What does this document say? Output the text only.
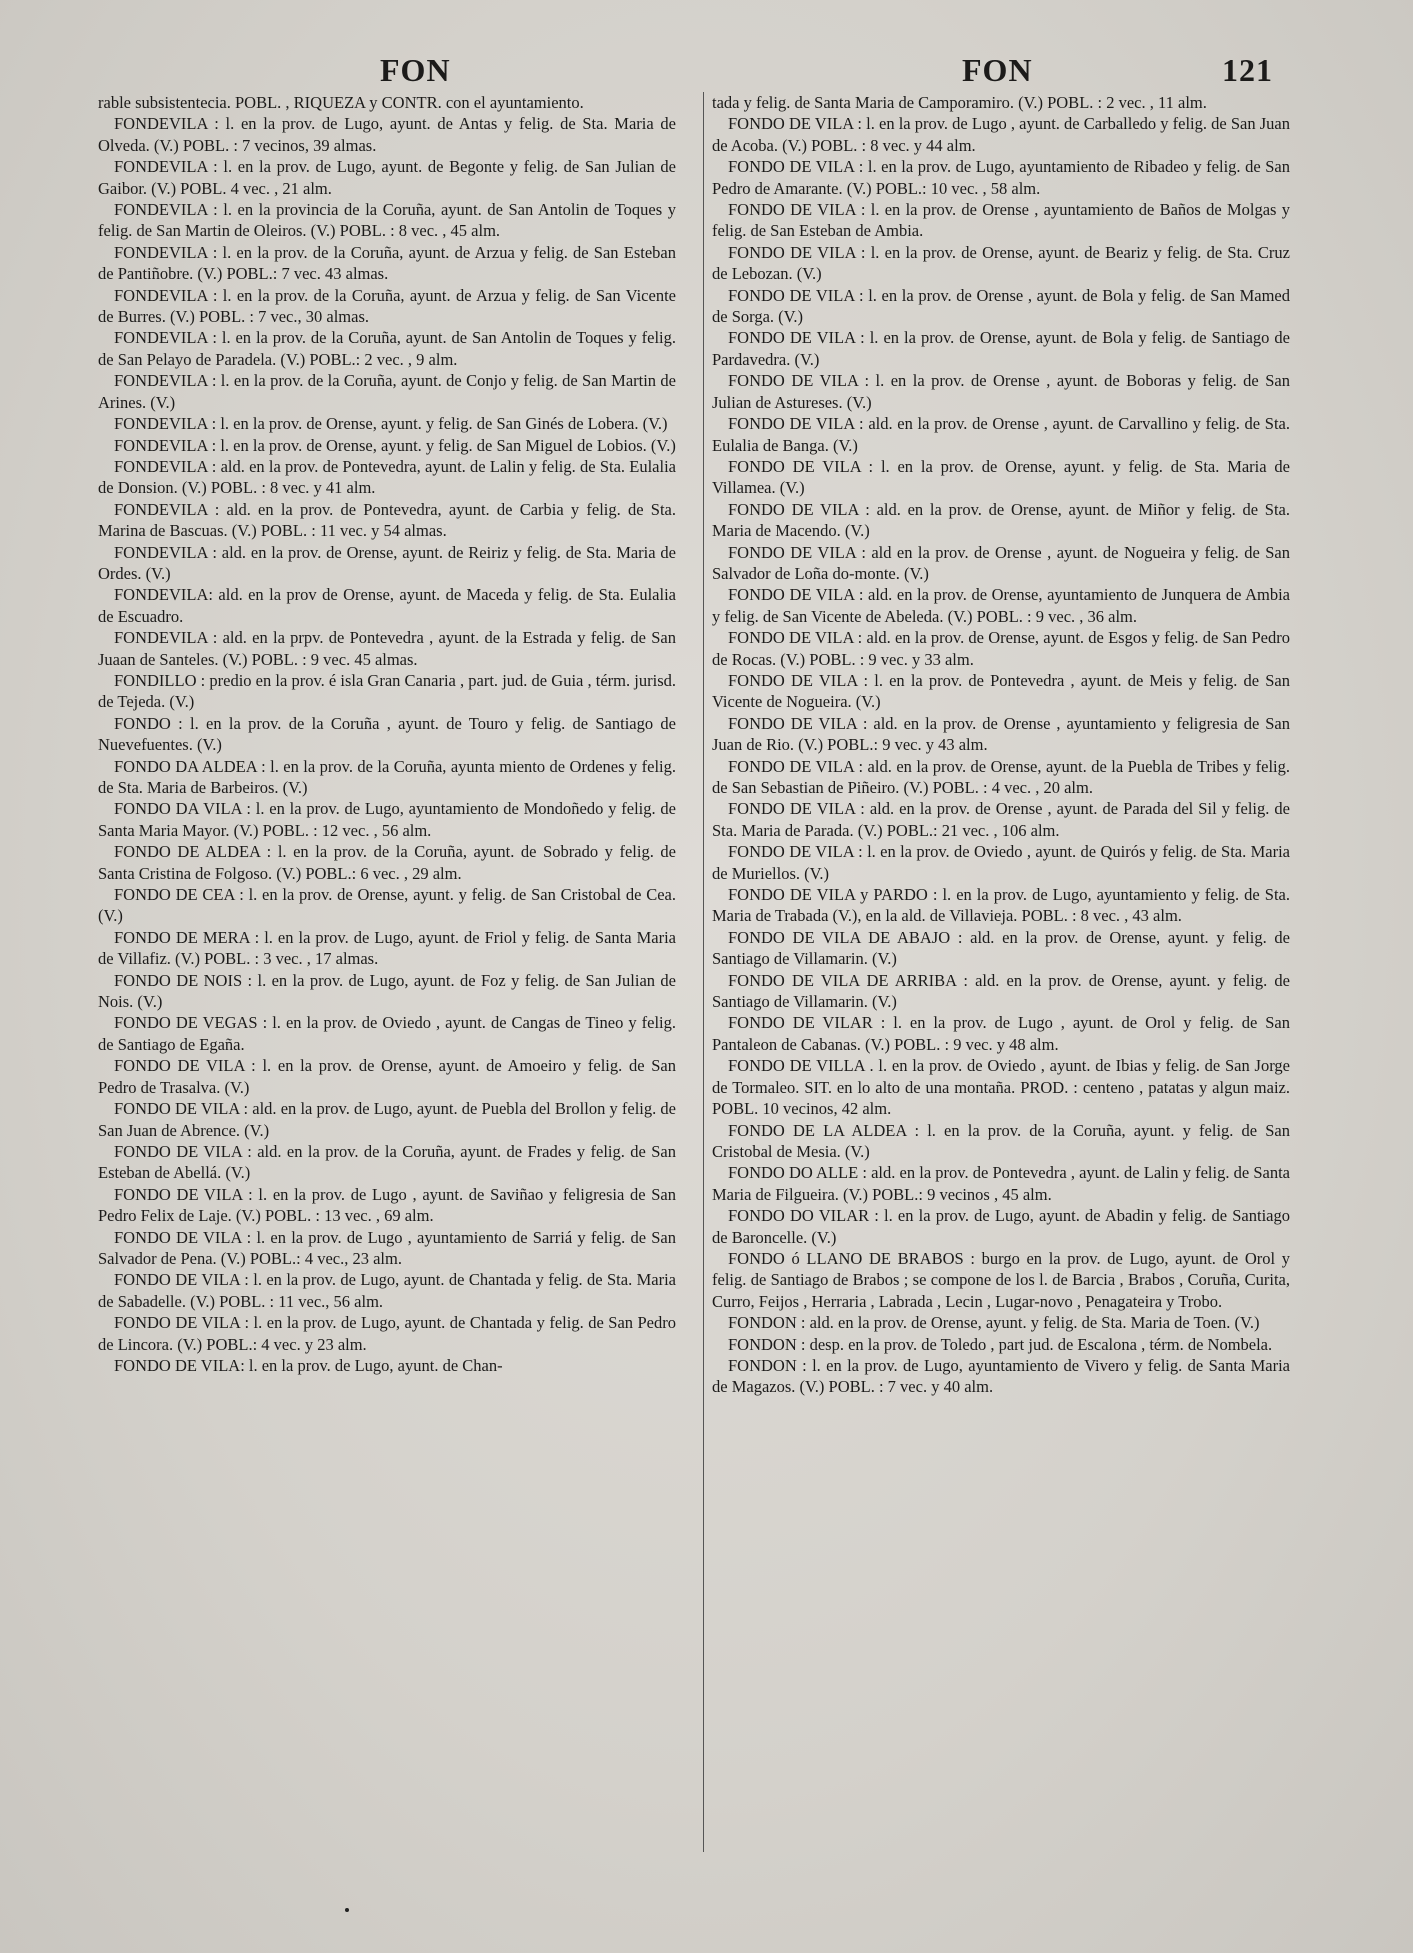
FON	FON	121

rable subsistentecia. POBL. , RIQUEZA y CONTR. con el ayuntamiento.

FONDEVILA : l. en la prov. de Lugo, ayunt. de Antas y felig. de Sta. Maria de Olveda. (V.) POBL. : 7 vecinos, 39 almas.

FONDEVILA : l. en la prov. de Lugo, ayunt. de Begonte y felig. de San Julian de Gaibor. (V.) POBL. 4 vec. , 21 alm.

FONDEVILA : l. en la provincia de la Coruña, ayunt. de San Antolin de Toques y felig. de San Martin de Oleiros. (V.) POBL. : 8 vec. , 45 alm.

FONDEVILA : l. en la prov. de la Coruña, ayunt. de Arzua y felig. de San Esteban de Pantiñobre. (V.) POBL.: 7 vec. 43 almas.

FONDEVILA : l. en la prov. de la Coruña, ayunt. de Arzua y felig. de San Vicente de Burres. (V.) POBL. : 7 vec., 30 almas.

FONDEVILA : l. en la prov. de la Coruña, ayunt. de San Antolin de Toques y felig. de San Pelayo de Paradela. (V.) POBL.: 2 vec. , 9 alm.

FONDEVILA : l. en la prov. de la Coruña, ayunt. de Conjo y felig. de San Martin de Arines. (V.)

FONDEVILA : l. en la prov. de Orense, ayunt. y felig. de San Ginés de Lobera. (V.)

FONDEVILA : l. en la prov. de Orense, ayunt. y felig. de San Miguel de Lobios. (V.)

FONDEVILA : ald. en la prov. de Pontevedra, ayunt. de Lalin y felig. de Sta. Eulalia de Donsion. (V.) POBL. : 8 vec. y 41 alm.

FONDEVILA : ald. en la prov. de Pontevedra, ayunt. de Carbia y felig. de Sta. Marina de Bascuas. (V.) POBL. : 11 vec. y 54 almas.

FONDEVILA : ald. en la prov. de Orense, ayunt. de Reiriz y felig. de Sta. Maria de Ordes. (V.)

FONDEVILA: ald. en la prov de Orense, ayunt. de Maceda y felig. de Sta. Eulalia de Escuadro.

FONDEVILA : ald. en la prpv. de Pontevedra , ayunt. de la Estrada y felig. de San Juaan de Santeles. (V.) POBL. : 9 vec. 45 almas.

FONDILLO : predio en la prov. é isla Gran Canaria , part. jud. de Guia , térm. jurisd. de Tejeda. (V.)

FONDO : l. en la prov. de la Coruña , ayunt. de Touro y felig. de Santiago de Nuevefuentes. (V.)

FONDO DA ALDEA : l. en la prov. de la Coruña, ayunta miento de Ordenes y felig. de Sta. Maria de Barbeiros. (V.)

FONDO DA VILA : l. en la prov. de Lugo, ayuntamiento de Mondoñedo y felig. de Santa Maria Mayor. (V.) POBL. : 12 vec. , 56 alm.

FONDO DE ALDEA : l. en la prov. de la Coruña, ayunt. de Sobrado y felig. de Santa Cristina de Folgoso. (V.) POBL.: 6 vec. , 29 alm.

FONDO DE CEA : l. en la prov. de Orense, ayunt. y felig. de San Cristobal de Cea. (V.)

FONDO DE MERA : l. en la prov. de Lugo, ayunt. de Friol y felig. de Santa Maria de Villafiz. (V.) POBL. : 3 vec. , 17 almas.

FONDO DE NOIS : l. en la prov. de Lugo, ayunt. de Foz y felig. de San Julian de Nois. (V.)

FONDO DE VEGAS : l. en la prov. de Oviedo , ayunt. de Cangas de Tineo y felig. de Santiago de Egaña.

FONDO DE VILA : l. en la prov. de Orense, ayunt. de Amoeiro y felig. de San Pedro de Trasalva. (V.)

FONDO DE VILA : ald. en la prov. de Lugo, ayunt. de Puebla del Brollon y felig. de San Juan de Abrence. (V.)

FONDO DE VILA : ald. en la prov. de la Coruña, ayunt. de Frades y felig. de San Esteban de Abellá. (V.)

FONDO DE VILA : l. en la prov. de Lugo , ayunt. de Saviñao y feligresia de San Pedro Felix de Laje. (V.) POBL. : 13 vec. , 69 alm.

FONDO DE VILA : l. en la prov. de Lugo , ayuntamiento de Sarriá y felig. de San Salvador de Pena. (V.) POBL.: 4 vec., 23 alm.

FONDO DE VILA : l. en la prov. de Lugo, ayunt. de Chantada y felig. de Sta. Maria de Sabadelle. (V.) POBL. : 11 vec., 56 alm.

FONDO DE VILA : l. en la prov. de Lugo, ayunt. de Chantada y felig. de San Pedro de Lincora. (V.) POBL.: 4 vec. y 23 alm.

FONDO DE VILA: l. en la prov. de Lugo, ayunt. de Chan-

tada y felig. de Santa Maria de Camporamiro. (V.) POBL. : 2 vec. , 11 alm.

FONDO DE VILA : l. en la prov. de Lugo , ayunt. de Carballedo y felig. de San Juan de Acoba. (V.) POBL. : 8 vec. y 44 alm.

FONDO DE VILA : l. en la prov. de Lugo, ayuntamiento de Ribadeo y felig. de San Pedro de Amarante. (V.) POBL.: 10 vec. , 58 alm.

FONDO DE VILA : l. en la prov. de Orense , ayuntamiento de Baños de Molgas y felig. de San Esteban de Ambia.

FONDO DE VILA : l. en la prov. de Orense, ayunt. de Beariz y felig. de Sta. Cruz de Lebozan. (V.)

FONDO DE VILA : l. en la prov. de Orense , ayunt. de Bola y felig. de San Mamed de Sorga. (V.)

FONDO DE VILA : l. en la prov. de Orense, ayunt. de Bola y felig. de Santiago de Pardavedra. (V.)

FONDO DE VILA : l. en la prov. de Orense , ayunt. de Boboras y felig. de San Julian de Astureses. (V.)

FONDO DE VILA : ald. en la prov. de Orense , ayunt. de Carvallino y felig. de Sta. Eulalia de Banga. (V.)

FONDO DE VILA : l. en la prov. de Orense, ayunt. y felig. de Sta. Maria de Villamea. (V.)

FONDO DE VILA : ald. en la prov. de Orense, ayunt. de Miñor y felig. de Sta. Maria de Macendo. (V.)

FONDO DE VILA : ald en la prov. de Orense , ayunt. de Nogueira y felig. de San Salvador de Loña do-monte. (V.)

FONDO DE VILA : ald. en la prov. de Orense, ayuntamiento de Junquera de Ambia y felig. de San Vicente de Abeleda. (V.) POBL. : 9 vec. , 36 alm.

FONDO DE VILA : ald. en la prov. de Orense, ayunt. de Esgos y felig. de San Pedro de Rocas. (V.) POBL. : 9 vec. y 33 alm.

FONDO DE VILA : l. en la prov. de Pontevedra , ayunt. de Meis y felig. de San Vicente de Nogueira. (V.)

FONDO DE VILA : ald. en la prov. de Orense , ayuntamiento y feligresia de San Juan de Rio. (V.) POBL.: 9 vec. y 43 alm.

FONDO DE VILA : ald. en la prov. de Orense, ayunt. de la Puebla de Tribes y felig. de San Sebastian de Piñeiro. (V.) POBL. : 4 vec. , 20 alm.

FONDO DE VILA : ald. en la prov. de Orense , ayunt. de Parada del Sil y felig. de Sta. Maria de Parada. (V.) POBL.: 21 vec. , 106 alm.

FONDO DE VILA : l. en la prov. de Oviedo , ayunt. de Quirós y felig. de Sta. Maria de Muriellos. (V.)

FONDO DE VILA y PARDO : l. en la prov. de Lugo, ayuntamiento y felig. de Sta. Maria de Trabada (V.), en la ald. de Villavieja. POBL. : 8 vec. , 43 alm.

FONDO DE VILA DE ABAJO : ald. en la prov. de Orense, ayunt. y felig. de Santiago de Villamarin. (V.)

FONDO DE VILA DE ARRIBA : ald. en la prov. de Orense, ayunt. y felig. de Santiago de Villamarin. (V.)

FONDO DE VILAR : l. en la prov. de Lugo , ayunt. de Orol y felig. de San Pantaleon de Cabanas. (V.) POBL. : 9 vec. y 48 alm.

FONDO DE VILLA . l. en la prov. de Oviedo , ayunt. de Ibias y felig. de San Jorge de Tormaleo. SIT. en lo alto de una montaña. PROD. : centeno , patatas y algun maiz. POBL. 10 vecinos, 42 alm.

FONDO DE LA ALDEA : l. en la prov. de la Coruña, ayunt. y felig. de San Cristobal de Mesia. (V.)

FONDO DO ALLE : ald. en la prov. de Pontevedra , ayunt. de Lalin y felig. de Santa Maria de Filgueira. (V.) POBL.: 9 vecinos , 45 alm.

FONDO DO VILAR : l. en la prov. de Lugo, ayunt. de Abadin y felig. de Santiago de Baroncelle. (V.)

FONDO ó LLANO DE BRABOS : burgo en la prov. de Lugo, ayunt. de Orol y felig. de Santiago de Brabos ; se compone de los l. de Barcia , Brabos , Coruña, Curita, Curro, Feijos , Herraria , Labrada , Lecin , Lugar-novo , Penagateira y Trobo.

FONDON : ald. en la prov. de Orense, ayunt. y felig. de Sta. Maria de Toen. (V.)

FONDON : desp. en la prov. de Toledo , part jud. de Escalona , térm. de Nombela.

FONDON : l. en la prov. de Lugo, ayuntamiento de Vivero y felig. de Santa Maria de Magazos. (V.) POBL. : 7 vec. y 40 alm.
